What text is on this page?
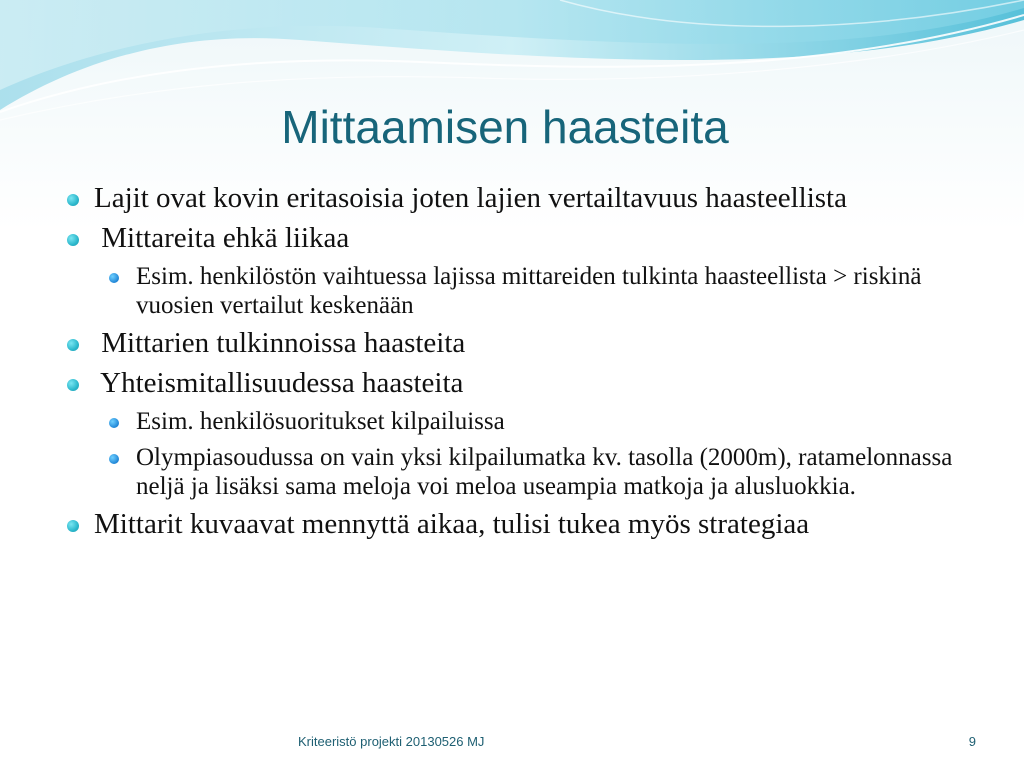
Mittaamisen haasteita
Lajit ovat kovin eritasoisia joten lajien vertailtavuus haasteellista
Mittareita ehkä liikaa
Esim. henkilöstön vaihtuessa lajissa mittareiden tulkinta haasteellista > riskinä vuosien vertailut keskenään
Mittarien tulkinnoissa haasteita
Yhteismitallisuudessa haasteita
Esim. henkilösuoritukset kilpailuissa
Olympiasoudussa on vain yksi kilpailumatka kv. tasolla (2000m), ratamelonnassa neljä ja lisäksi sama meloja voi meloa useampia matkoja ja alusluokkia.
Mittarit kuvaavat mennyttä aikaa, tulisi tukea myös strategiaa
Kriteeristö projekti 20130526 MJ	9
